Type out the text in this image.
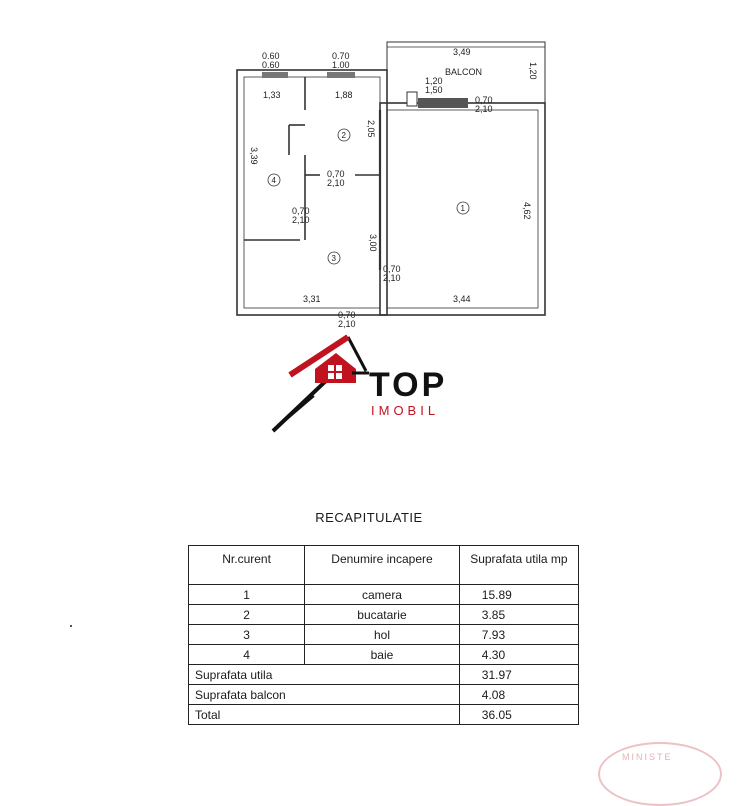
0.60
0.60
0.70
1.00
3,49
BALCON	1,20
1,20
1,50
0,70
2,10
1,33	1,88
2,05
3,39
0,70
2,10
0,70
2,10
4,62
3,00
0,70
2,10
3,31	3,44
0,70
2,10
1
2
3
4
TOP
IMOBIL
RECAPITULATIE
Nr.curent	Denumire incapere	Suprafata utila mp
1	camera	15.89
2	bucatarie	3.85
3	hol	7.93
4	baie	4.30
Suprafata utila		31.97
Suprafata balcon		4.08
Total		36.05
MINISTE
